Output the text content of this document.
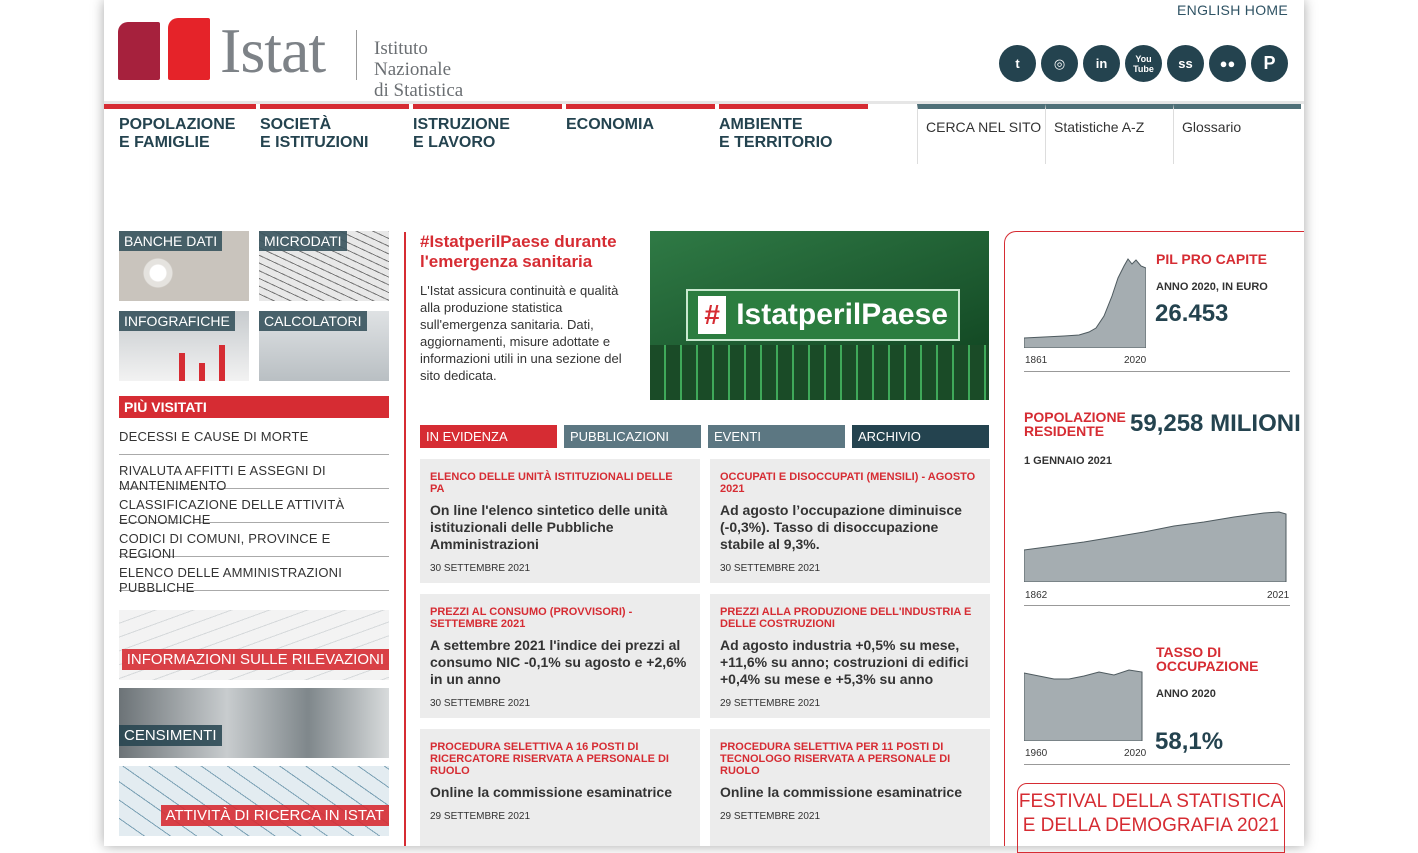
Istat	Istituto Nazionale
di Statistica
ENGLISH HOME
t	◎	in	You Tube	ss	●●	P
POPOLAZIONE
E FAMIGLIE
SOCIETÀ
E ISTITUZIONI
ISTRUZIONE
E LAVORO
ECONOMIA	AMBIENTE
E TERRITORIO
CERCA NEL SITO Statistiche A-Z	Glossario
BANCHE DATI	MICRODATI
INFOGRAFICHE	CALCOLATORI
PIÙ VISITATI
DECESSI E CAUSE DI MORTE
RIVALUTA AFFITTI E ASSEGNI DI MANTENIMENTO
CLASSIFICAZIONE DELLE ATTIVITÀ ECONOMICHE
CODICI DI COMUNI, PROVINCE E REGIONI
ELENCO DELLE AMMINISTRAZIONI PUBBLICHE
INFORMAZIONI SULLE RILEVAZIONI
CENSIMENTI
ATTIVITÀ DI RICERCA IN ISTAT
#IstatperilPaese durante l'emergenza sanitaria
L'Istat assicura continuità e qualità alla produzione statistica sull'emergenza sanitaria. Dati, aggiornamenti, misure adottate e informazioni utili in una sezione del sito dedicata.
# IstatperilPaese
IN EVIDENZA	PUBBLICAZIONI	EVENTI	ARCHIVIO
ELENCO DELLE UNITÀ ISTITUZIONALI DELLE PA
On line l'elenco sintetico delle unità istituzionali delle Pubbliche Amministrazioni
30 SETTEMBRE 2021
OCCUPATI E DISOCCUPATI (MENSILI) - AGOSTO 2021
Ad agosto l’occupazione diminuisce (-0,3%). Tasso di disoccupazione stabile al 9,3%.
30 SETTEMBRE 2021
PREZZI AL CONSUMO (PROVVISORI) - SETTEMBRE 2021
A settembre 2021 l'indice dei prezzi al consumo NIC -0,1% su agosto e +2,6% in un anno
30 SETTEMBRE 2021
PREZZI ALLA PRODUZIONE DELL'INDUSTRIA E DELLE COSTRUZIONI
Ad agosto industria +0,5% su mese, +11,6% su anno; costruzioni di edifici +0,4% su mese e +5,3% su anno
29 SETTEMBRE 2021
PROCEDURA SELETTIVA A 16 POSTI DI RICERCATORE RISERVATA A PERSONALE DI RUOLO
Online la commissione esaminatrice
29 SETTEMBRE 2021
PROCEDURA SELETTIVA PER 11 POSTI DI TECNOLOGO RISERVATA A PERSONALE DI RUOLO
Online la commissione esaminatrice
29 SETTEMBRE 2021
1861	2020
PIL PRO CAPITE
ANNO 2020, IN EURO
26.453
POPOLAZIONE
RESIDENTE	59,258 MILIONI
1 GENNAIO 2021
1862	2021
1960	2020
TASSO DI
OCCUPAZIONE
ANNO 2020
58,1%
FESTIVAL DELLA STATISTICA
E DELLA DEMOGRAFIA 2021
